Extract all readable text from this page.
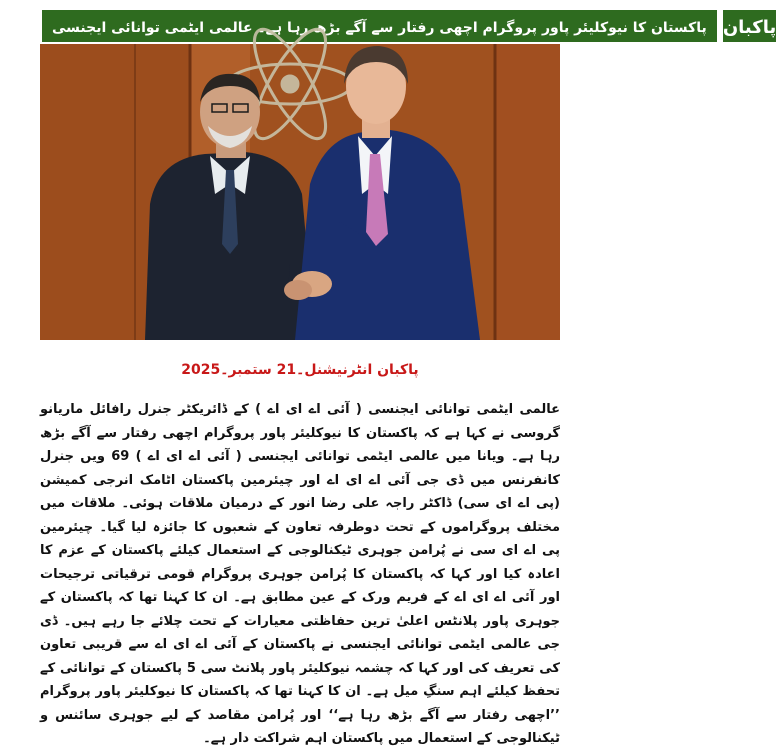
پاکستان کا نیوکلیئر پاور پروگرام اچھی رفتار سے آگے بڑھ رہا ہے۔ عالمی ایٹمی توانائی ایجنسی پاکبان
پاکبان انٹرنیشنل۔21 ستمبر۔2025

عالمی ایٹمی توانائی ایجنسی ( آئی اے ای اے ) کے ڈائریکٹر جنرل رافائل ماریانو گروسی نے کہا ہے کہ پاکستان کا نیوکلیئر پاور پروگرام اچھی رفتار سے آگے بڑھ رہا ہے۔ ویانا میں عالمی ایٹمی توانائی ایجنسی ( آئی اے ای اے ) 69 ویں جنرل کانفرنس میں ڈی جی آئی اے ای اے اور چیئرمین پاکستان اٹامک انرجی کمیشن (پی اے ای سی) ڈاکٹر راجہ علی رضا انور کے درمیان ملاقات ہوئی۔ ملاقات میں مختلف پروگراموں کے تحت دوطرفہ تعاون کے شعبوں کا جائزہ لیا گیا۔ چیئرمین پی اے ای سی نے پُرامن جوہری ٹیکنالوجی کے استعمال کیلئے پاکستان کے عزم کا اعادہ کیا اور کہا کہ پاکستان کا پُرامن جوہری پروگرام قومی ترقیاتی ترجیحات اور آئی اے ای اے کے فریم ورک کے عین مطابق ہے۔ ان کا کہنا تھا کہ پاکستان کے جوہری پاور پلانٹس اعلیٰ ترین حفاظتی معیارات کے تحت چلائے جا رہے ہیں۔ ڈی جی عالمی ایٹمی توانائی ایجنسی نے پاکستان کے آئی اے ای اے سے قریبی تعاون کی تعریف کی اور کہا کہ چشمہ نیوکلیئر پاور پلانٹ سی 5 پاکستان کے توانائی کے تحفظ کیلئے اہم سنگِ میل ہے۔ ان کا کہنا تھا کہ پاکستان کا نیوکلیئر پاور پروگرام ’’اچھی رفتار سے آگے بڑھ رہا ہے‘‘ اور پُرامن مقاصد کے لیے جوہری سائنس و ٹیکنالوجی کے استعمال میں پاکستان اہم شراکت دار ہے۔
